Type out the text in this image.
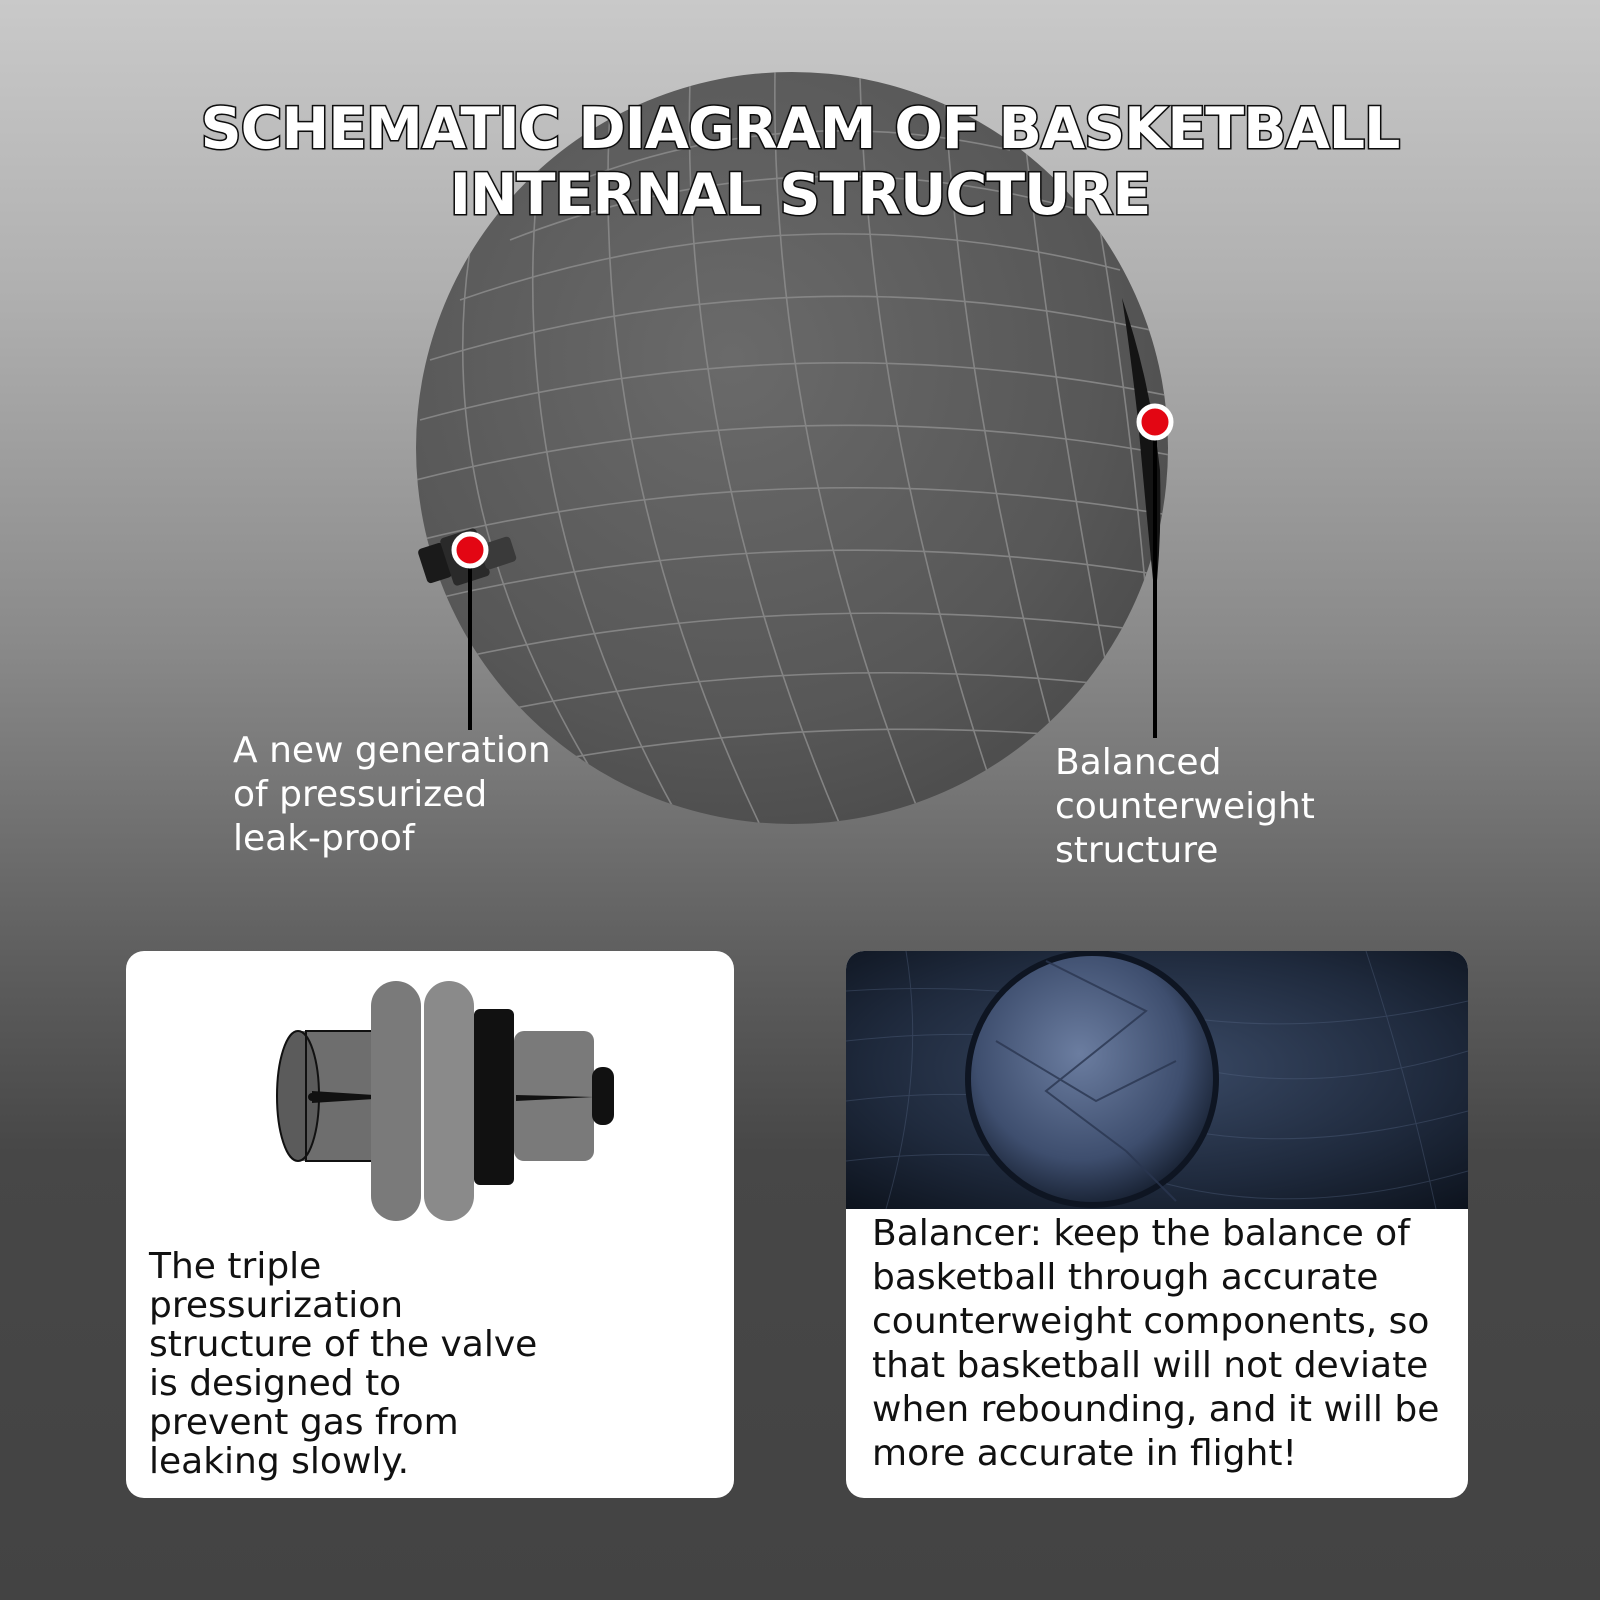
SCHEMATIC DIAGRAM OF BASKETBALL
INTERNAL STRUCTURE
A new generation
of pressurized
leak-proof
Balanced
counterweight
structure
The triple
pressurization
structure of the valve
is designed to
prevent gas from
leaking slowly.
Balancer: keep the balance of
basketball through accurate
counterweight components, so
that basketball will not deviate
when rebounding, and it will be
more accurate in flight!
